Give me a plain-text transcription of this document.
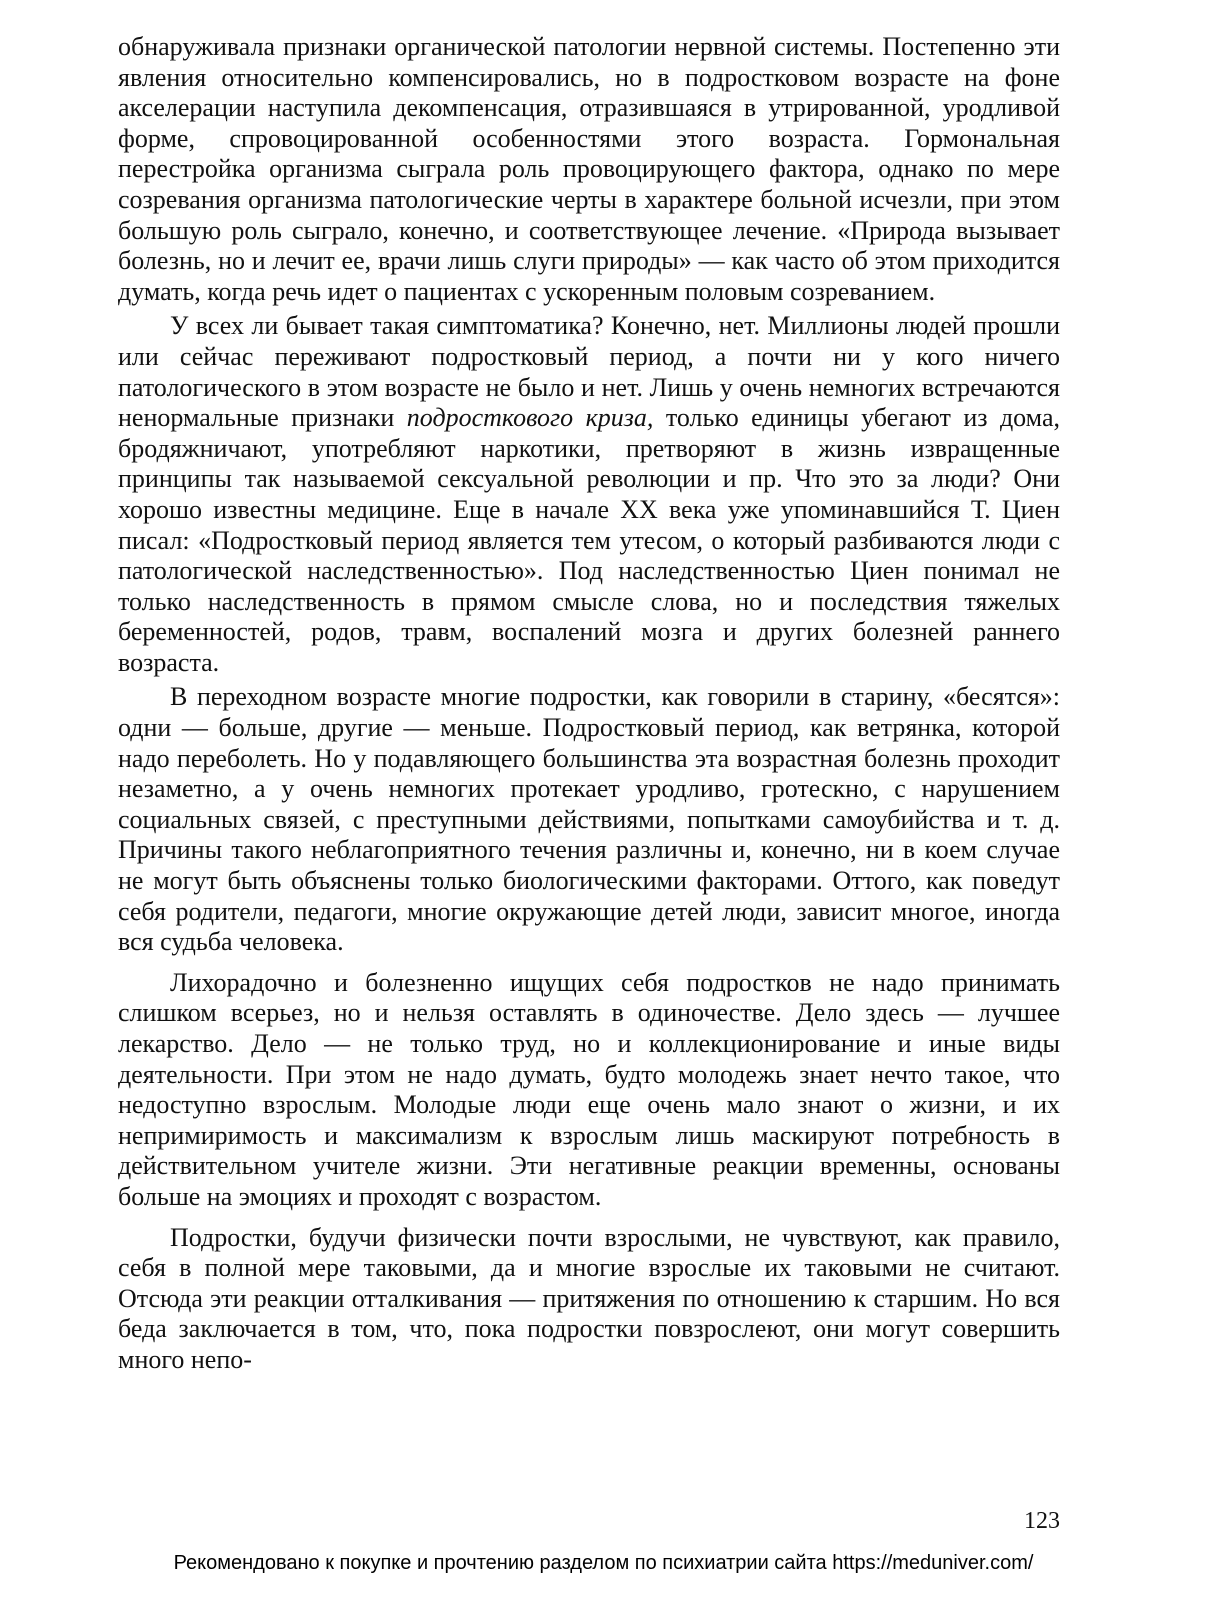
обнаруживала признаки органической патологии нервной системы. Постепенно эти явления относительно компенсировались, но в подростковом возрасте на фоне акселерации наступила декомпенсация, отразившаяся в утрированной, уродливой форме, спровоцированной особенностями этого возраста. Гормональная перестройка организма сыграла роль провоцирующего фактора, однако по мере созревания организма патологические черты в характере больной исчезли, при этом большую роль сыграло, конечно, и соответствующее лечение. «Природа вызывает болезнь, но и лечит ее, врачи лишь слуги природы» — как часто об этом приходится думать, когда речь идет о пациентах с ускоренным половым созреванием.

У всех ли бывает такая симптоматика? Конечно, нет. Миллионы людей прошли или сейчас переживают подростковый период, а почти ни у кого ничего патологического в этом возрасте не было и нет. Лишь у очень немногих встречаются ненормальные признаки подросткового криза, только единицы убегают из дома, бродяжничают, употребляют наркотики, претворяют в жизнь извращенные принципы так называемой сексуальной революции и пр. Что это за люди? Они хорошо известны медицине. Еще в начале XX века уже упоминавшийся Т. Циен писал: «Подростковый период является тем утесом, о который разбиваются люди с патологической наследственностью». Под наследственностью Циен понимал не только наследственность в прямом смысле слова, но и последствия тяжелых беременностей, родов, травм, воспалений мозга и других болезней раннего возраста.

В переходном возрасте многие подростки, как говорили в старину, «бесятся»: одни — больше, другие — меньше. Подростковый период, как ветрянка, которой надо переболеть. Но у подавляющего большинства эта возрастная болезнь проходит незаметно, а у очень немногих протекает уродливо, гротескно, с нарушением социальных связей, с преступными действиями, попытками самоубийства и т. д. Причины такого неблагоприятного течения различны и, конечно, ни в коем случае не могут быть объяснены только биологическими факторами. Оттого, как поведут себя родители, педагоги, многие окружающие детей люди, зависит многое, иногда вся судьба человека.

Лихорадочно и болезненно ищущих себя подростков не надо принимать слишком всерьез, но и нельзя оставлять в одиночестве. Дело здесь — лучшее лекарство. Дело — не только труд, но и коллекционирование и иные виды деятельности. При этом не надо думать, будто молодежь знает нечто такое, что недоступно взрослым. Молодые люди еще очень мало знают о жизни, и их непримиримость и максимализм к взрослым лишь маскируют потребность в действительном учителе жизни. Эти негативные реакции временны, основаны больше на эмоциях и проходят с возрастом.

Подростки, будучи физически почти взрослыми, не чувствуют, как правило, себя в полной мере таковыми, да и многие взрослые их таковыми не считают. Отсюда эти реакции отталкивания — притяжения по отношению к старшим. Но вся беда заключается в том, что, пока подростки повзрослеют, они могут совершить много непо-

123
Рекомендовано к покупке и прочтению разделом по психиатрии сайта https://meduniver.com/
